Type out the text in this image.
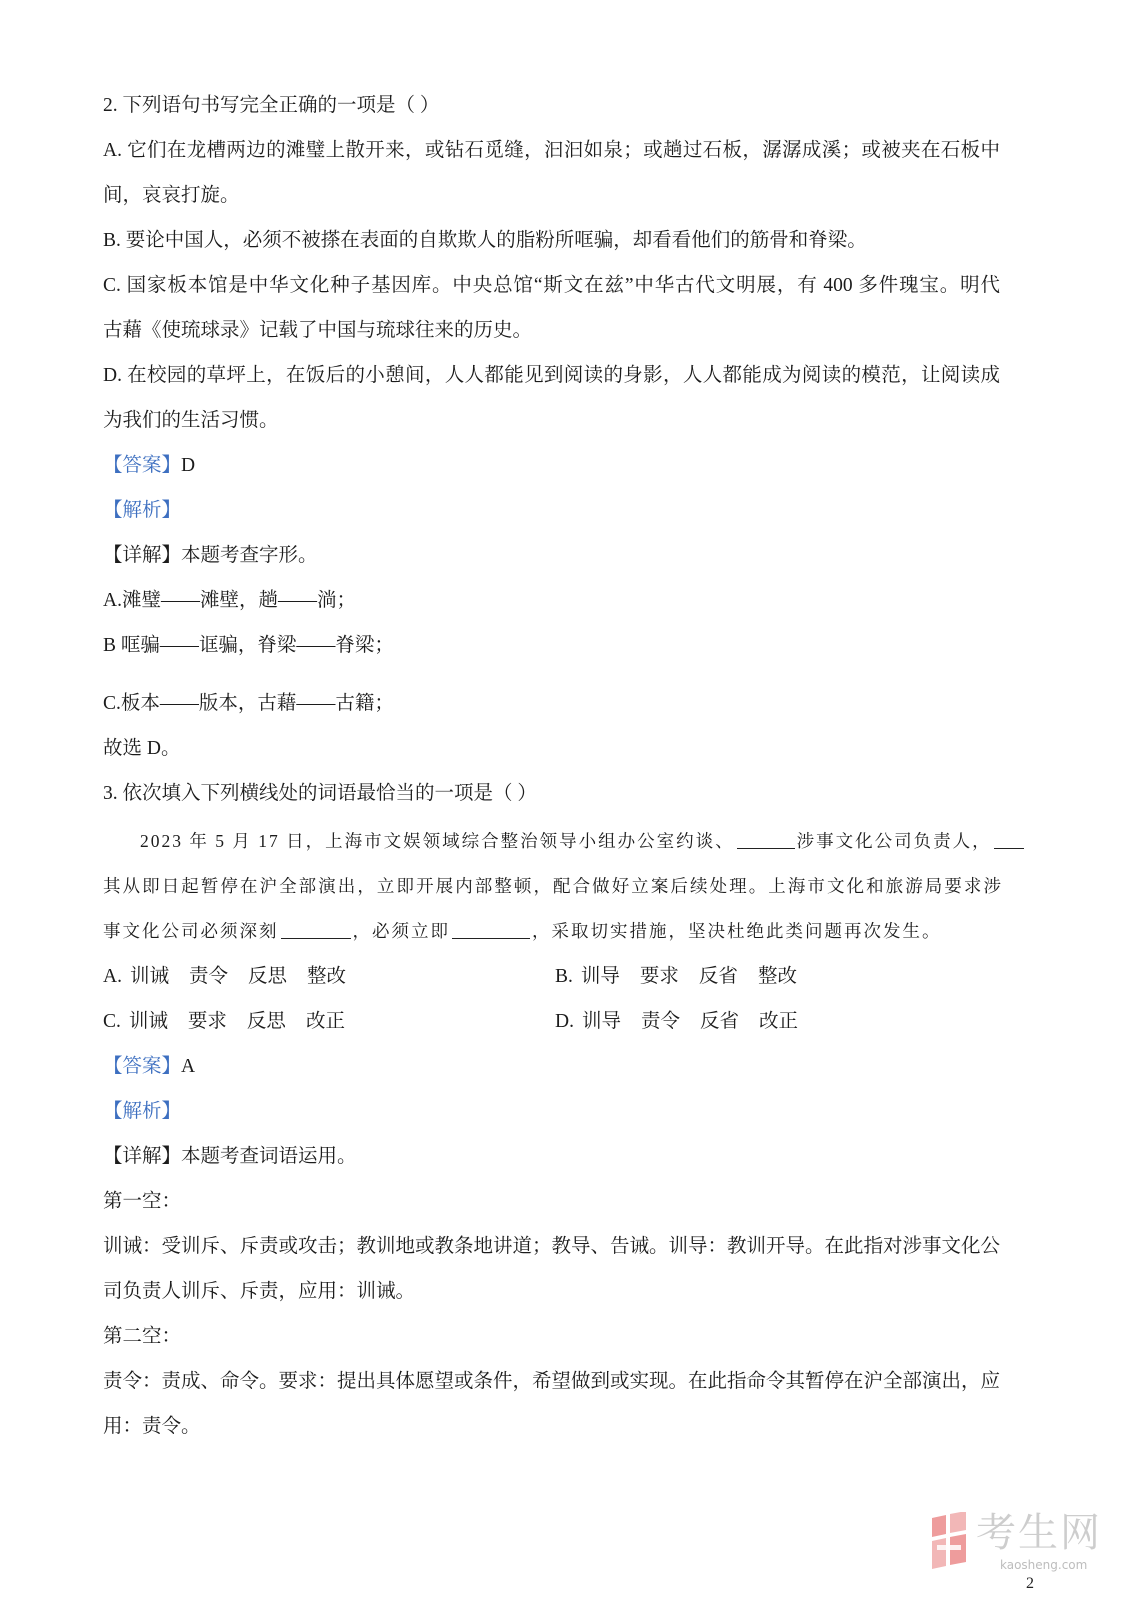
2. 下列语句书写完全正确的一项是（ ）
A. 它们在龙槽两边的滩璧上散开来，或钻石觅缝，汩汩如泉；或趟过石板，潺潺成溪；或被夹在石板中
间，哀哀打旋。
B. 要论中国人，必须不被搽在表面的自欺欺人的脂粉所哐骗，却看看他们的筋骨和脊梁。
C. 国家板本馆是中华文化种子基因库。中央总馆“斯文在兹”中华古代文明展，有 400 多件瑰宝。明代
古藉《使琉球录》记载了中国与琉球往来的历史。
D. 在校园的草坪上，在饭后的小憩间，人人都能见到阅读的身影，人人都能成为阅读的模范，让阅读成
为我们的生活习惯。
【答案】D
【解析】
【详解】本题考查字形。
A.滩璧——滩壁，趟——淌；
B 哐骗——诓骗，脊梁——脊梁；
C.板本——版本，古藉——古籍；
故选 D。
3. 依次填入下列横线处的词语最恰当的一项是（ ）
2023 年 5 月 17 日，上海市文娱领域综合整治领导小组办公室约谈、	涉事文化公司负责人，
其从即日起暂停在沪全部演出，立即开展内部整顿，配合做好立案后续处理。上海市文化和旅游局要求涉
事文化公司必须深刻	，必须立即	，采取切实措施，坚决杜绝此类问题再次发生。
A. 训诫 责令 反思 整改	B. 训导 要求 反省 整改
C. 训诫 要求 反思 改正	D. 训导 责令 反省 改正
【答案】A
【解析】
【详解】本题考查词语运用。
第一空：
训诫：受训斥、斥责或攻击；教训地或教条地讲道；教导、告诫。训导：教训开导。在此指对涉事文化公
司负责人训斥、斥责，应用：训诫。
第二空：
责令：责成、命令。要求：提出具体愿望或条件，希望做到或实现。在此指命令其暂停在沪全部演出，应
用：责令。
考生网
kaosheng.com
2
